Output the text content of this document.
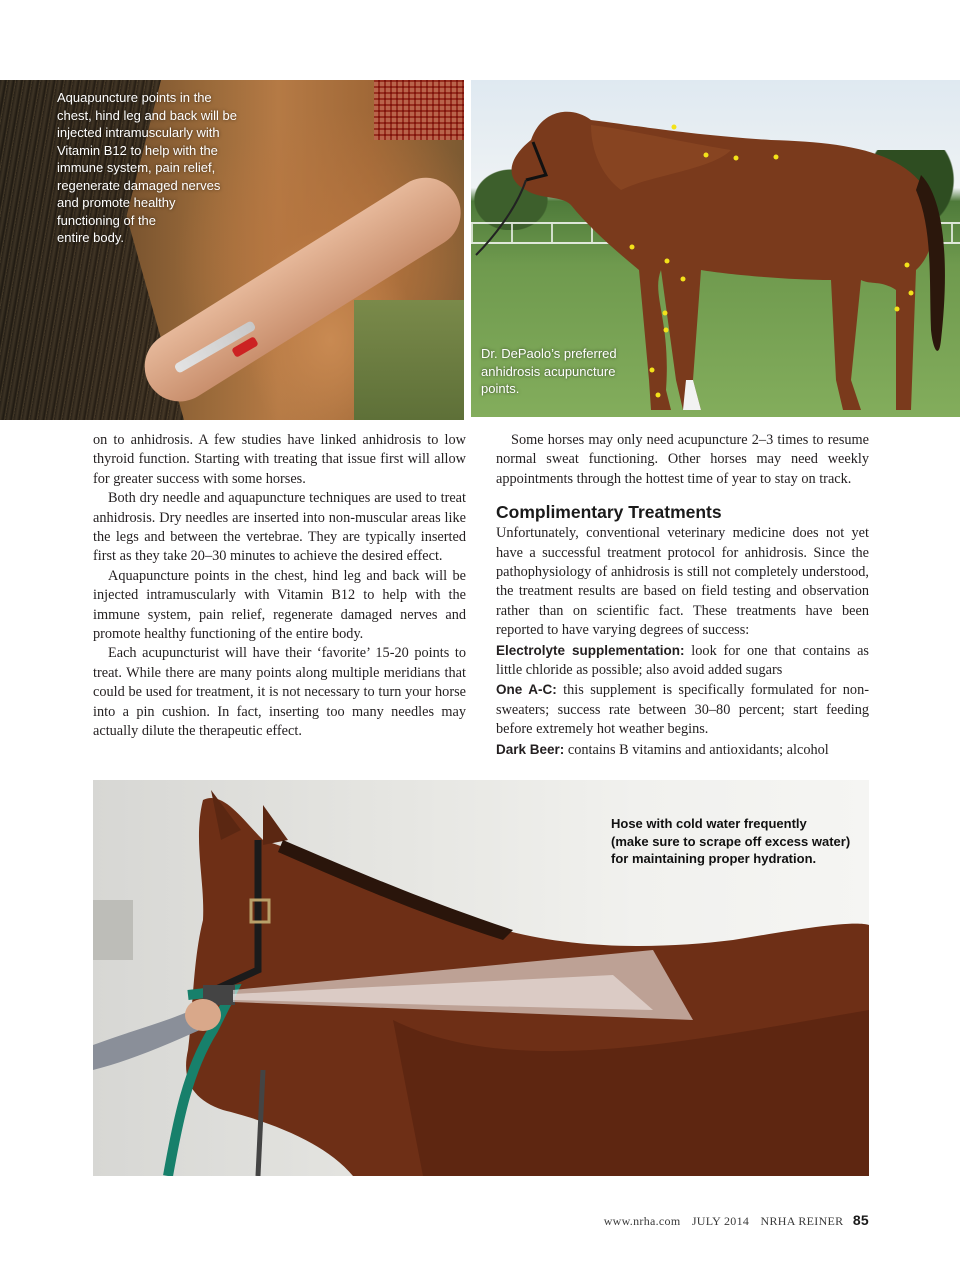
Aquapuncture points in the
chest, hind leg and back will be
injected intramuscularly with
Vitamin B12 to help with the
immune system, pain relief,
regenerate damaged nerves
and promote healthy
functioning of the
entire body.
Dr. DePaolo’s preferred
anhidrosis acupuncture
points.

on to anhidrosis. A few studies have linked anhidrosis to low thyroid function. Starting with treating that issue first will allow for greater success with some horses.

Both dry needle and aquapuncture techniques are used to treat anhidrosis. Dry needles are inserted into non-muscular areas like the legs and between the vertebrae. They are typically inserted first as they take 20–30 minutes to achieve the desired effect.

Aquapuncture points in the chest, hind leg and back will be injected intramuscularly with Vitamin B12 to help with the immune system, pain relief, regenerate damaged nerves and promote healthy functioning of the entire body.

Each acupuncturist will have their ‘favorite’ 15-20 points to treat. While there are many points along multiple meridians that could be used for treatment, it is not necessary to turn your horse into a pin cushion. In fact, inserting too many needles may actually dilute the therapeutic effect.

Some horses may only need acupuncture 2–3 times to resume normal sweat functioning. Other horses may need weekly appointments through the hottest time of year to stay on track.

Complimentary Treatments

Unfortunately, conventional veterinary medicine does not yet have a successful treatment protocol for anhidrosis. Since the pathophysiology of anhidrosis is still not completely understood, the treatment results are based on field testing and observation rather than on scientific fact. These treatments have been reported to have varying degrees of success:

Electrolyte supplementation: look for one that contains as little chloride as possible; also avoid added sugars

One A-C: this supplement is specifically formulated for non-sweaters; success rate between 30–80 percent; start feeding before extremely hot weather begins.

Dark Beer: contains B vitamins and antioxidants; alcohol

Hose with cold water frequently
(make sure to scrape off excess water)
for maintaining proper hydration.
www.nrha.com JULY 2014 NRHA REINER 85
